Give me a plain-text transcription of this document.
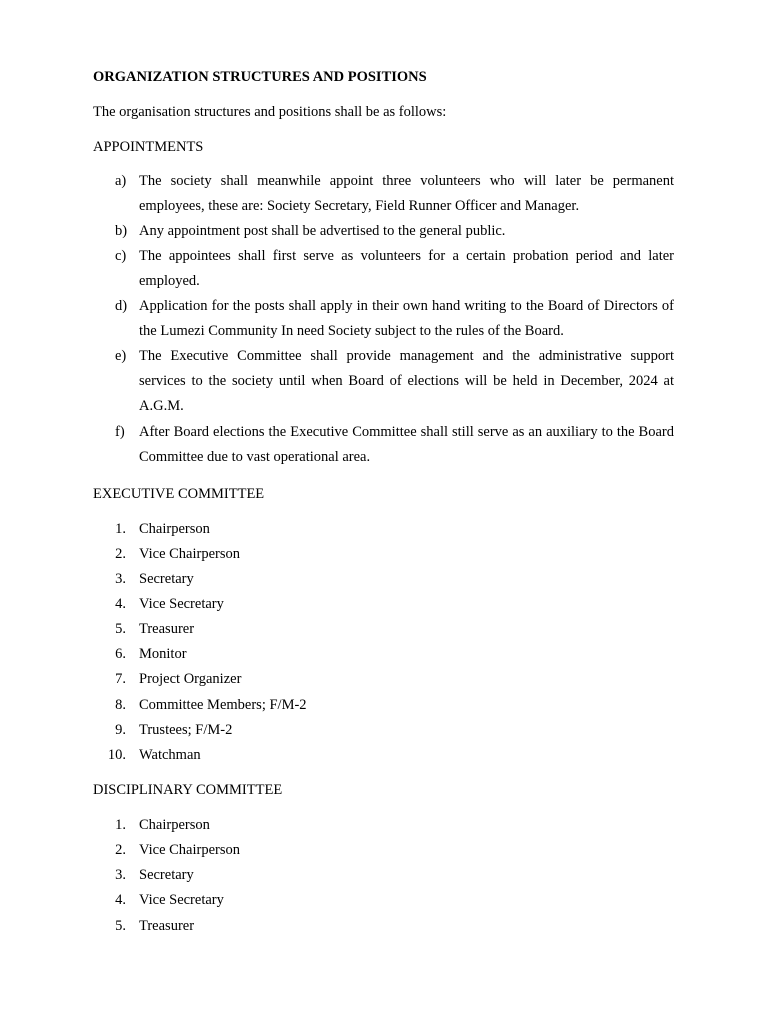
ORGANIZATION STRUCTURES AND POSITIONS
The organisation structures and positions shall be as follows:
APPOINTMENTS
a) The society shall meanwhile appoint three volunteers who will later be permanent employees, these are: Society Secretary, Field Runner Officer and Manager.
b) Any appointment post shall be advertised to the general public.
c) The appointees shall first serve as volunteers for a certain probation period and later employed.
d) Application for the posts shall apply in their own hand writing to the Board of Directors of the Lumezi Community In need Society subject to the rules of the Board.
e) The Executive Committee shall provide management and the administrative support services to the society until when Board of elections will be held in December, 2024 at A.G.M.
f) After Board elections the Executive Committee shall still serve as an auxiliary to the Board Committee due to vast operational area.
EXECUTIVE COMMITTEE
1. Chairperson
2. Vice Chairperson
3. Secretary
4. Vice Secretary
5. Treasurer
6. Monitor
7. Project Organizer
8. Committee Members; F/M-2
9. Trustees; F/M-2
10. Watchman
DISCIPLINARY COMMITTEE
1. Chairperson
2. Vice Chairperson
3. Secretary
4. Vice Secretary
5. Treasurer
